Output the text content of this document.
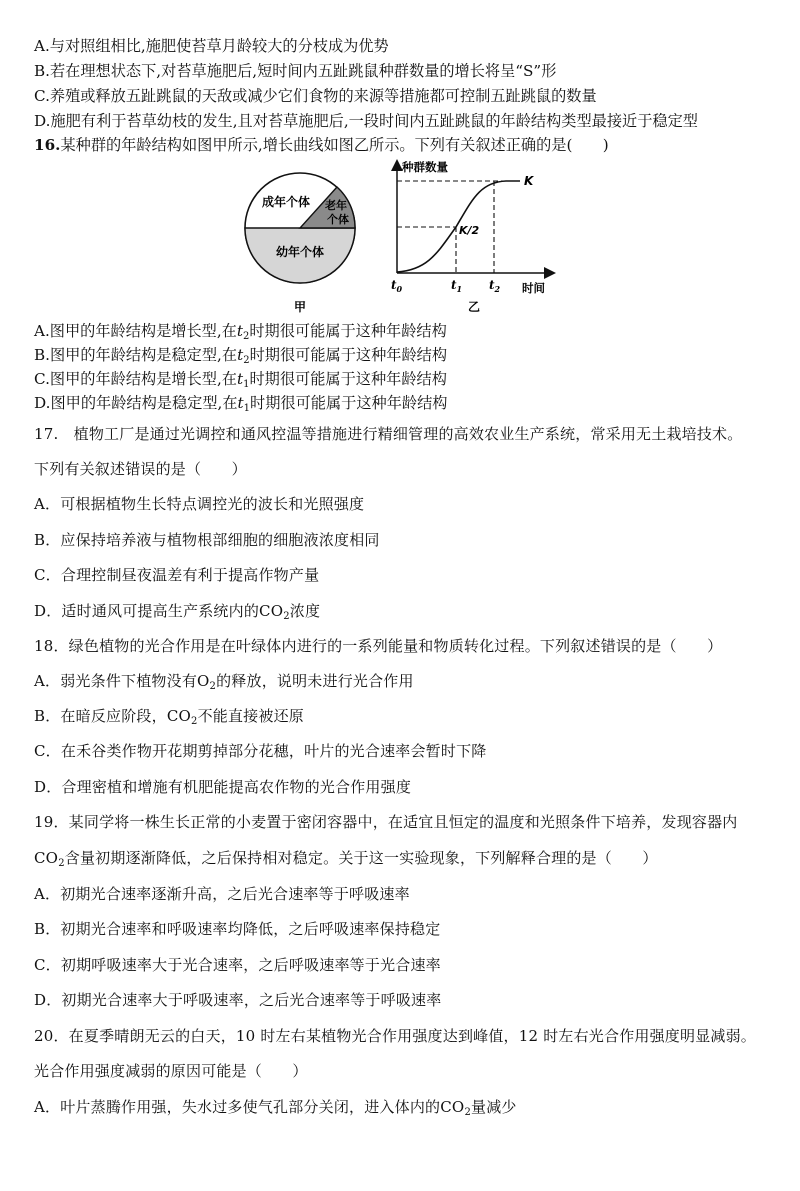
A.与对照组相比,施肥使苔草月龄较大的分枝成为优势
B.若在理想状态下,对苔草施肥后,短时间内五趾跳鼠种群数量的增长将呈“S”形
C.养殖或释放五趾跳鼠的天敌或减少它们食物的来源等措施都可控制五趾跳鼠的数量
D.施肥有利于苔草幼枝的发生,且对苔草施肥后,一段时间内五趾跳鼠的年龄结构类型最接近于稳定型
16.某种群的年龄结构如图甲所示,增长曲线如图乙所示。下列有关叙述正确的是(　　)
成年个体 老年
个体
幼年个体
甲
种群数量
K
K/2
$t_0$	$t_1$ $t_2$ 时间
乙
A.图甲的年龄结构是增长型,在$t_2$时期很可能属于这种年龄结构
B.图甲的年龄结构是稳定型,在$t_2$时期很可能属于这种年龄结构
C.图甲的年龄结构是增长型,在$t_1$时期很可能属于这种年龄结构
D.图甲的年龄结构是稳定型,在$t_1$时期很可能属于这种年龄结构
17.　植物工厂是通过光调控和通风控温等措施进行精细管理的高效农业生产系统，常采用无土栽培技术。
下列有关叙述错误的是（　　）
A．可根据植物生长特点调控光的波长和光照强度
B．应保持培养液与植物根部细胞的细胞液浓度相同
C．合理控制昼夜温差有利于提高作物产量
D．适时通风可提高生产系统内的$CO_2$浓度
18．绿色植物的光合作用是在叶绿体内进行的一系列能量和物质转化过程。下列叙述错误的是（　　）
A．弱光条件下植物没有$O_2$的释放，说明未进行光合作用
B．在暗反应阶段，$CO_2$不能直接被还原
C．在禾谷类作物开花期剪掉部分花穗，叶片的光合速率会暂时下降
D．合理密植和增施有机肥能提高农作物的光合作用强度
19．某同学将一株生长正常的小麦置于密闭容器中，在适宜且恒定的温度和光照条件下培养，发现容器内
$CO_2$含量初期逐渐降低，之后保持相对稳定。关于这一实验现象，下列解释合理的是（　　）
A．初期光合速率逐渐升高，之后光合速率等于呼吸速率
B．初期光合速率和呼吸速率均降低，之后呼吸速率保持稳定
C．初期呼吸速率大于光合速率，之后呼吸速率等于光合速率
D．初期光合速率大于呼吸速率，之后光合速率等于呼吸速率
20．在夏季晴朗无云的白天，10 时左右某植物光合作用强度达到峰值，12 时左右光合作用强度明显减弱。
光合作用强度减弱的原因可能是（　　）
A．叶片蒸腾作用强，失水过多使气孔部分关闭，进入体内的$CO_2$量减少
